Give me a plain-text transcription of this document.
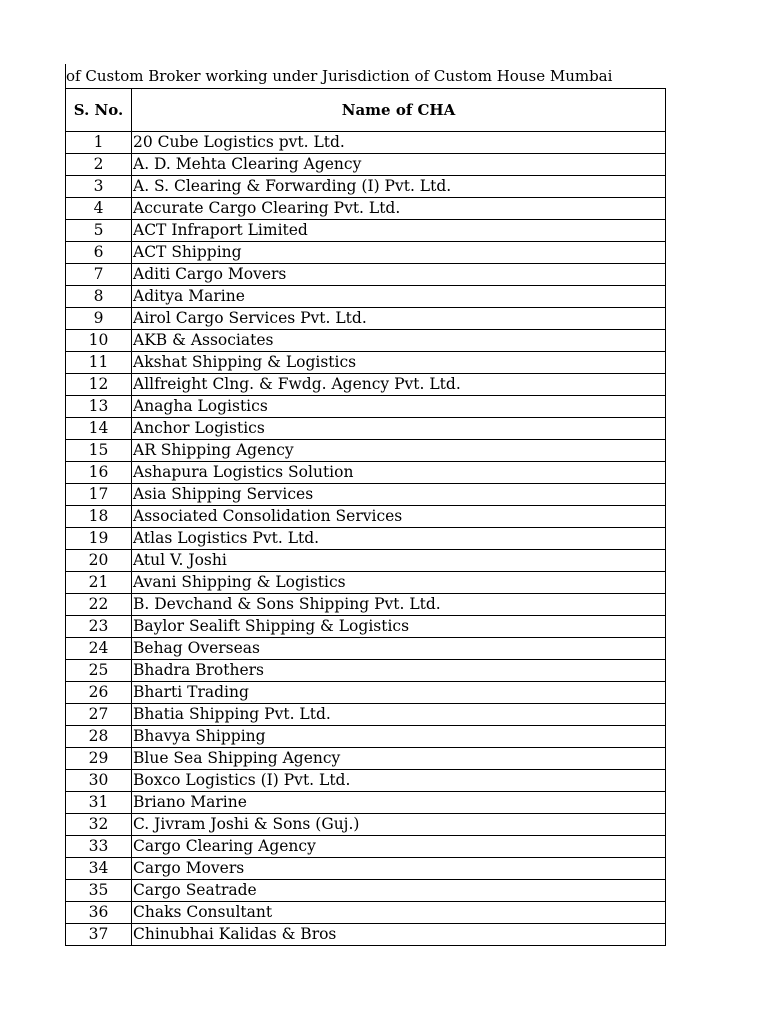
of Custom Broker working under Jurisdiction of Custom House Mumbai
S. No.	Name of CHA
1	20 Cube Logistics pvt. Ltd.
2	A. D. Mehta Clearing Agency
3	A. S. Clearing & Forwarding (I) Pvt. Ltd.
4	Accurate Cargo Clearing Pvt. Ltd.
5	ACT Infraport Limited
6	ACT Shipping
7	Aditi Cargo Movers
8	Aditya Marine
9	Airol Cargo Services Pvt. Ltd.
10	AKB & Associates
11	Akshat Shipping & Logistics
12	Allfreight Clng. & Fwdg. Agency Pvt. Ltd.
13	Anagha Logistics
14	Anchor Logistics
15	AR Shipping Agency
16	Ashapura Logistics Solution
17	Asia Shipping Services
18	Associated Consolidation Services
19	Atlas Logistics Pvt. Ltd.
20	Atul V. Joshi
21	Avani Shipping & Logistics
22	B. Devchand & Sons Shipping Pvt. Ltd.
23	Baylor Sealift Shipping & Logistics
24	Behag Overseas
25	Bhadra Brothers
26	Bharti Trading
27	Bhatia Shipping Pvt. Ltd.
28	Bhavya Shipping
29	Blue Sea Shipping Agency
30	Boxco Logistics (I) Pvt. Ltd.
31	Briano Marine
32	C. Jivram Joshi & Sons (Guj.)
33	Cargo Clearing Agency
34	Cargo Movers
35	Cargo Seatrade
36	Chaks Consultant
37	Chinubhai Kalidas & Bros
